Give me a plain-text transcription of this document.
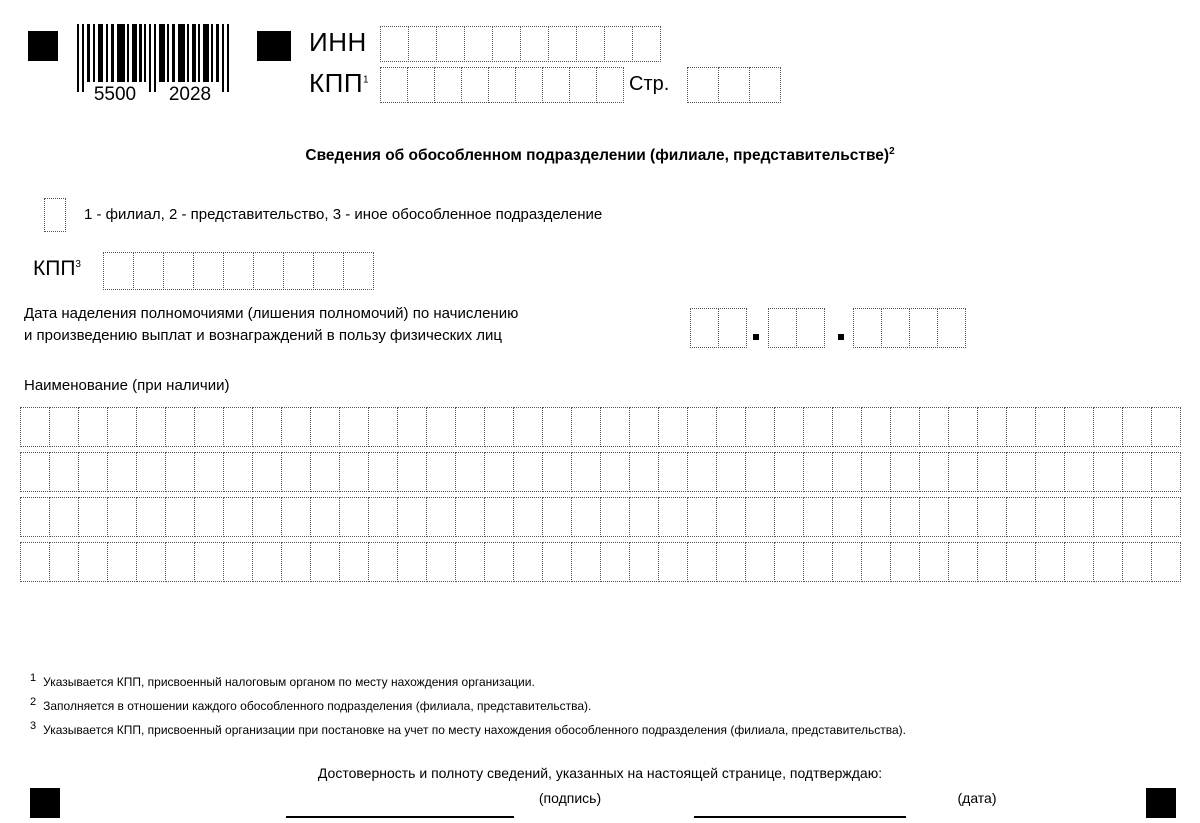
5500 2028
ИНН
КПП$^1$	Стр.
Сведения об обособленном подразделении (филиале, представительстве)$^2$
1 - филиал, 2 - представительство, 3 - иное обособленное подразделение
КПП$^3$
Дата наделения полномочиями (лишения полномочий) по начислению
и произведению выплат и вознаграждений в пользу физических лиц
Наименование (при наличии)
$^1$ Указывается КПП, присвоенный налоговым органом по месту нахождения организации.
$^2$ Заполняется в отношении каждого обособленного подразделения (филиала, представительства).
$^3$ Указывается КПП, присвоенный организации при постановке на учет по месту нахождения обособленного подразделения (филиала, представительства).
Достоверность и полноту сведений, указанных на настоящей странице, подтверждаю:
(подпись)	(дата)
